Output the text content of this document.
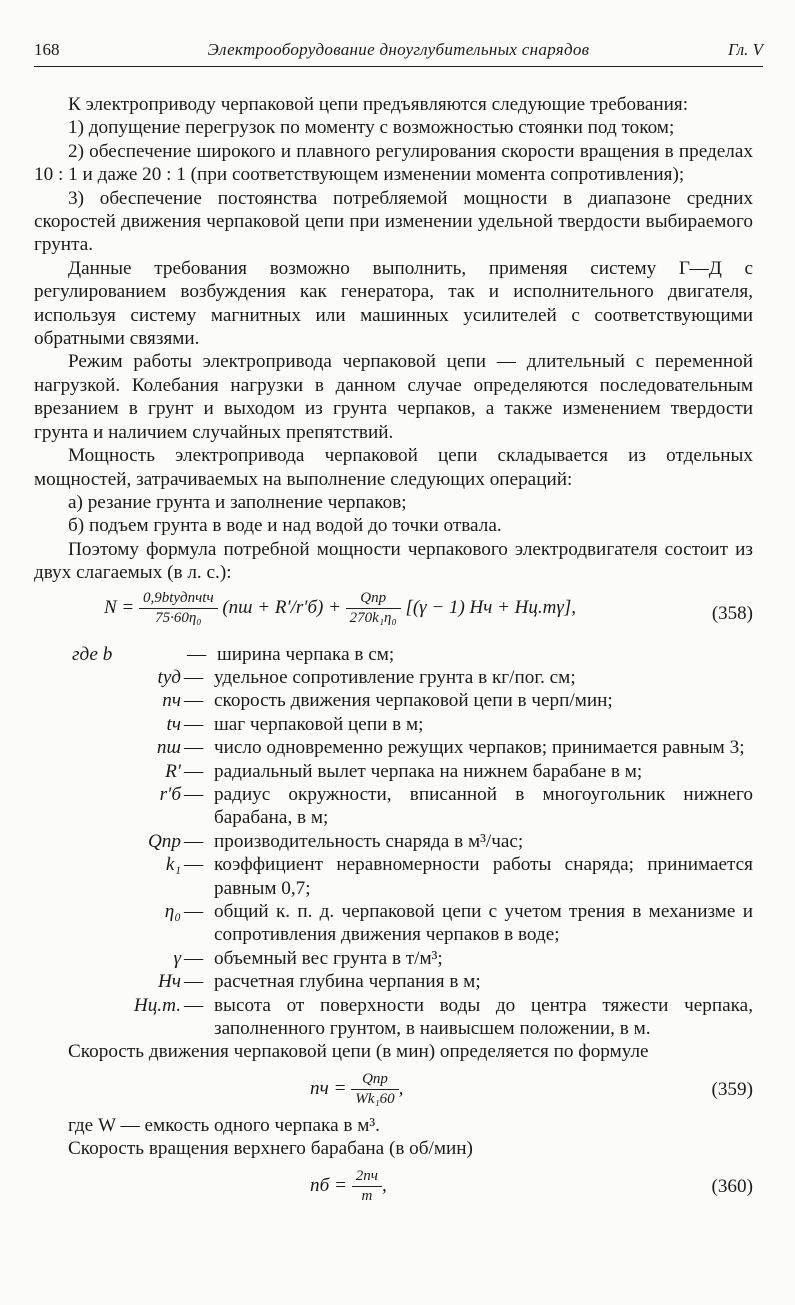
168	Электрооборудование дноуглубительных снарядов	Гл. V

К электроприводу черпаковой цепи предъявляются следующие требования:

1) допущение перегрузок по моменту с возможностью стоянки под током;

2) обеспечение широкого и плавного регулирования скорости вращения в пределах 10 : 1 и даже 20 : 1 (при соответствующем изменении момента сопротивления);

3) обеспечение постоянства потребляемой мощности в диапазоне средних скоростей движения черпаковой цепи при изменении удельной твердости выбираемого грунта.

Данные требования возможно выполнить, применяя систему Г—Д с регулированием возбуждения как генератора, так и исполнительного двигателя, используя систему магнитных или машинных усилителей с соответствующими обратными связями.

Режим работы электропривода черпаковой цепи — длительный с переменной нагрузкой. Колебания нагрузки в данном случае определяются последовательным врезанием в грунт и выходом из грунта черпаков, а также изменением твердости грунта и наличием случайных препятствий.

Мощность электропривода черпаковой цепи складывается из отдельных мощностей, затрачиваемых на выполнение следующих операций:

а) резание грунта и заполнение черпаков;

б) подъем грунта в воде и над водой до точки отвала.

Поэтому формула потребной мощности черпакового электродвигателя состоит из двух слагаемых (в л. с.):

$N = \frac{\text{0,9btудnчtч}}{\text{75·60η₀}} (nш + R'/r'б) + \frac{\text{Qпр}}{\text{270k₁η₀}} [(\gamma - 1)$ Hч + Hц.тγ],	(358)
где b	— ширина черпака в см;
tуд — удельное сопротивление грунта в кг/пог. см;
nч — скорость движения черпаковой цепи в черп/мин;
tч — шаг черпаковой цепи в м;
nш — число одновременно режущих черпаков; принимается равным 3;
R′ — радиальный вылет черпака на нижнем барабане в м;
r′б — радиус окружности, вписанной в многоугольник нижнего барабана, в м;
Qпр — производительность снаряда в м³/час;
k₁ — коэффициент неравномерности работы снаряда; принимается равным 0,7;
η₀ — общий к. п. д. черпаковой цепи с учетом трения в механизме и сопротивления движения черпаков в воде;
γ — объемный вес грунта в т/м³;
Hч — расчетная глубина черпания в м;
Hц.т. — высота от поверхности воды до центра тяжести черпака, заполненного грунтом, в наивысшем положении, в м.

Скорость движения черпаковой цепи (в мин) определяется по формуле

nч = $\frac{\text{Qпр}}{\text{Wk₁60}}$ ,	(359)

где W — емкость одного черпака в м³.

Скорость вращения верхнего барабана (в об/мин)

nб = $\frac{2nч}{m}$ ,	(360)
